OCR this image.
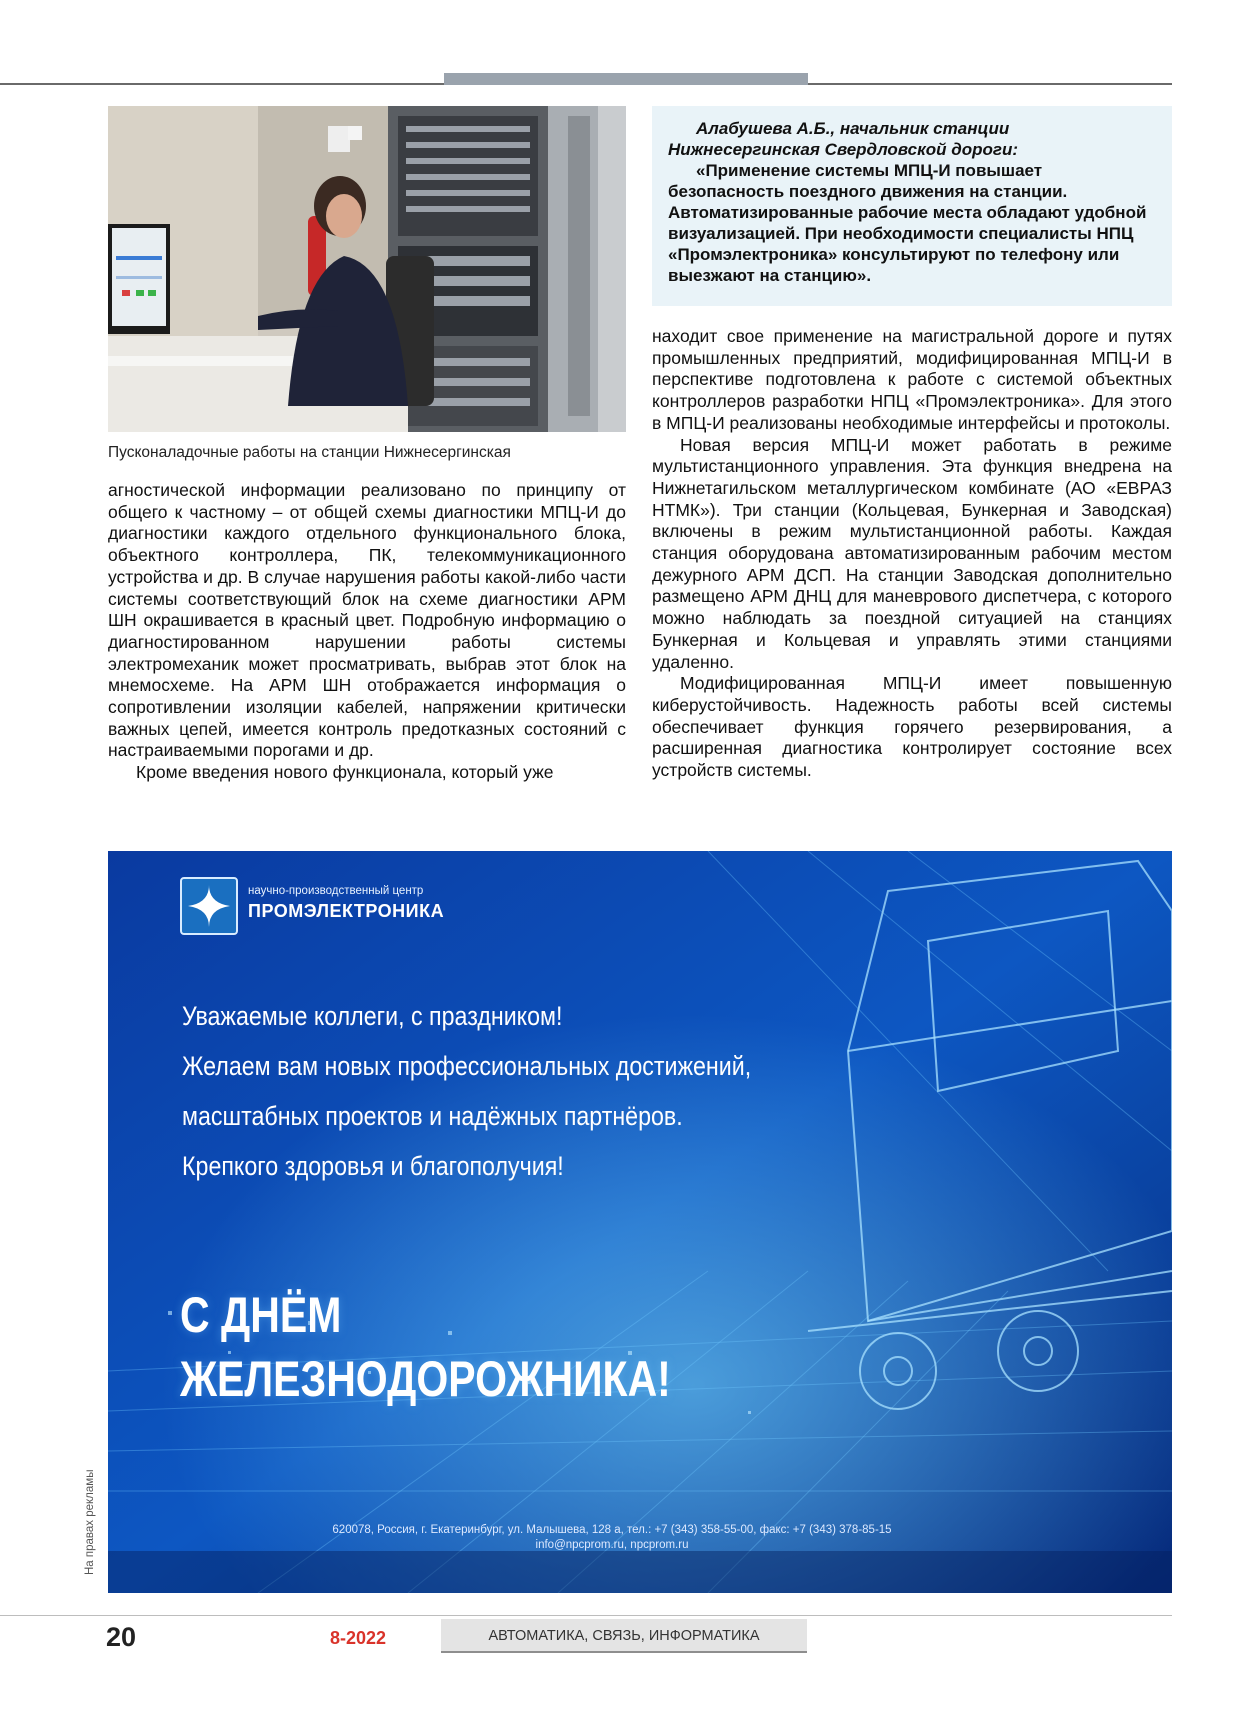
Пусконаладочные работы на станции Нижнесергинская
Алабушева А.Б., начальник станции Нижнесергинская Свердловской дороги:
«Применение системы МПЦ-И повышает безопасность поездного движения на станции. Автоматизированные рабочие места обладают удобной визуализацией. При необходимости специалисты НПЦ «Промэлектроника» консультируют по телефону или выезжают на станцию».

агностической информации реализовано по принципу от общего к частному – от общей схемы диагностики МПЦ-И до диагностики каждого отдельного функционального блока, объектного контроллера, ПК, телекоммуникационного устройства и др. В случае нарушения работы какой-либо части системы соответствующий блок на схеме диагностики АРМ ШН окрашивается в красный цвет. Подробную информацию о диагностированном нарушении работы системы электромеханик может просматривать, выбрав этот блок на мнемосхеме. На АРМ ШН отображается информация о сопротивлении изоляции кабелей, напряжении критически важных цепей, имеется контроль предотказных состояний с настраиваемыми порогами и др.

Кроме введения нового функционала, который уже

находит свое применение на магистральной дороге и путях промышленных предприятий, модифицированная МПЦ-И в перспективе подготовлена к работе с системой объектных контроллеров разработки НПЦ «Промэлектроника». Для этого в МПЦ-И реализованы необходимые интерфейсы и протоколы.

Новая версия МПЦ-И может работать в режиме мультистанционного управления. Эта функция внедрена на Нижнетагильском металлургическом комбинате (АО «ЕВРАЗ НТМК»). Три станции (Кольцевая, Бункерная и Заводская) включены в режим мультистанционной работы. Каждая станция оборудована автоматизированным рабочим местом дежурного АРМ ДСП. На станции Заводская дополнительно размещено АРМ ДНЦ для маневрового диспетчера, с которого можно наблюдать за поездной ситуацией на станциях Бункерная и Кольцевая и управлять этими станциями удаленно.

Модифицированная МПЦ-И имеет повышенную киберустойчивость. Надежность работы всей системы обеспечивает функция горячего резервирования, а расширенная диагностика контролирует состояние всех устройств системы.

научно-производственный центр
ПРОМЭЛЕКТРОНИКА
Уважаемые коллеги, с праздником!
Желаем вам новых профессиональных достижений,
масштабных проектов и надёжных партнёров.
Крепкого здоровья и благополучия!
С ДНЁМ
ЖЕЛЕЗНОДОРОЖНИКА!
620078, Россия, г. Екатеринбург, ул. Малышева, 128 а, тел.: +7 (343) 358-55-00, факс: +7 (343) 378-85-15
info@npcprom.ru, npcprom.ru
На правах рекламы
20	8-2022	АВТОМАТИКА, СВЯЗЬ, ИНФОРМАТИКА
